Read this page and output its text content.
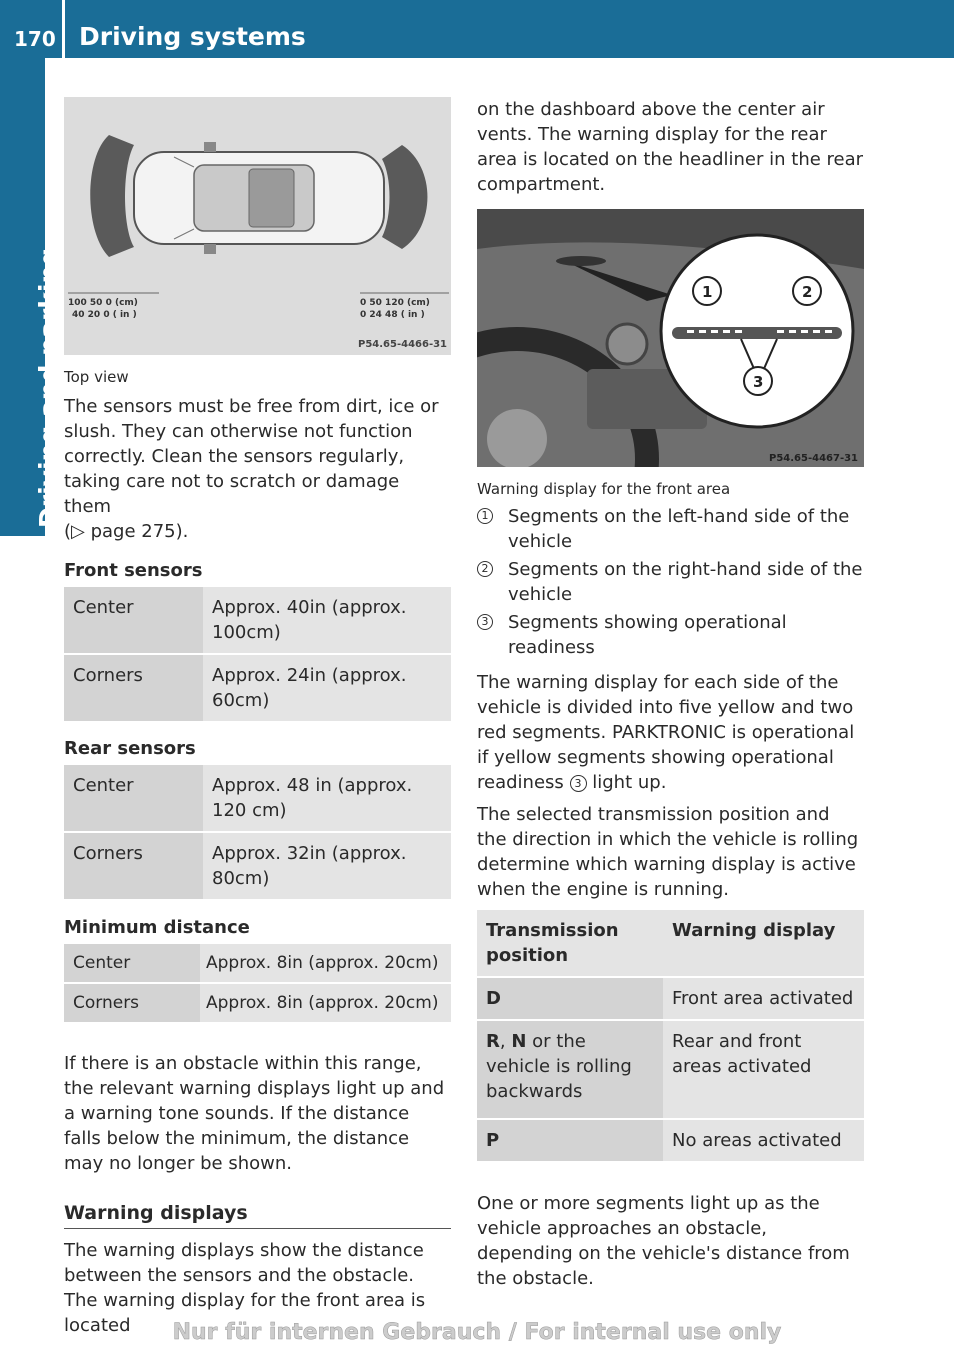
170 Driving systems
Driving and parking 100 50 0 (cm)
40 20 0 ( in )
0 50 120 (cm)
0 24 48 ( in )
P54.65-4466-31
Top view
The sensors must be free from dirt, ice or slush. They can otherwise not function correctly. Clean the sensors regularly, taking care not to scratch or damage them
(▷ page 275).
Front sensors
Center	Approx. 40in (approx. 100cm)
Corners	Approx. 24in (approx. 60cm)
Rear sensors
Center	Approx. 48 in (approx. 120 cm)
Corners	Approx. 32in (approx. 80cm)
Minimum distance
Center	Approx. 8in (approx. 20cm)
Corners	Approx. 8in (approx. 20cm)
If there is an obstacle within this range, the relevant warning displays light up and a warning tone sounds. If the distance falls below the minimum, the distance may no longer be shown.
Warning displays
The warning displays show the distance between the sensors and the obstacle. The warning display for the front area is located
on the dashboard above the center air vents. The warning display for the rear area is located on the headliner in the rear compartment.
1	2
3
P54.65-4467-31
Warning display for the front area
1 Segments on the left-hand side of the vehicle
2 Segments on the right-hand side of the vehicle
3 Segments showing operational readiness
The warning display for each side of the vehicle is divided into five yellow and two red segments. PARKTRONIC is operational if yellow segments showing operational readiness 3 light up.
The selected transmission position and the direction in which the vehicle is rolling determine which warning display is active when the engine is running.
Transmission position	Warning display
D	Front area activated
R, N or the vehicle is rolling backwards	Rear and front areas activated
P	No areas activated
One or more segments light up as the vehicle approaches an obstacle, depending on the vehicle's distance from the obstacle.
Nur für internen Gebrauch / For internal use only
